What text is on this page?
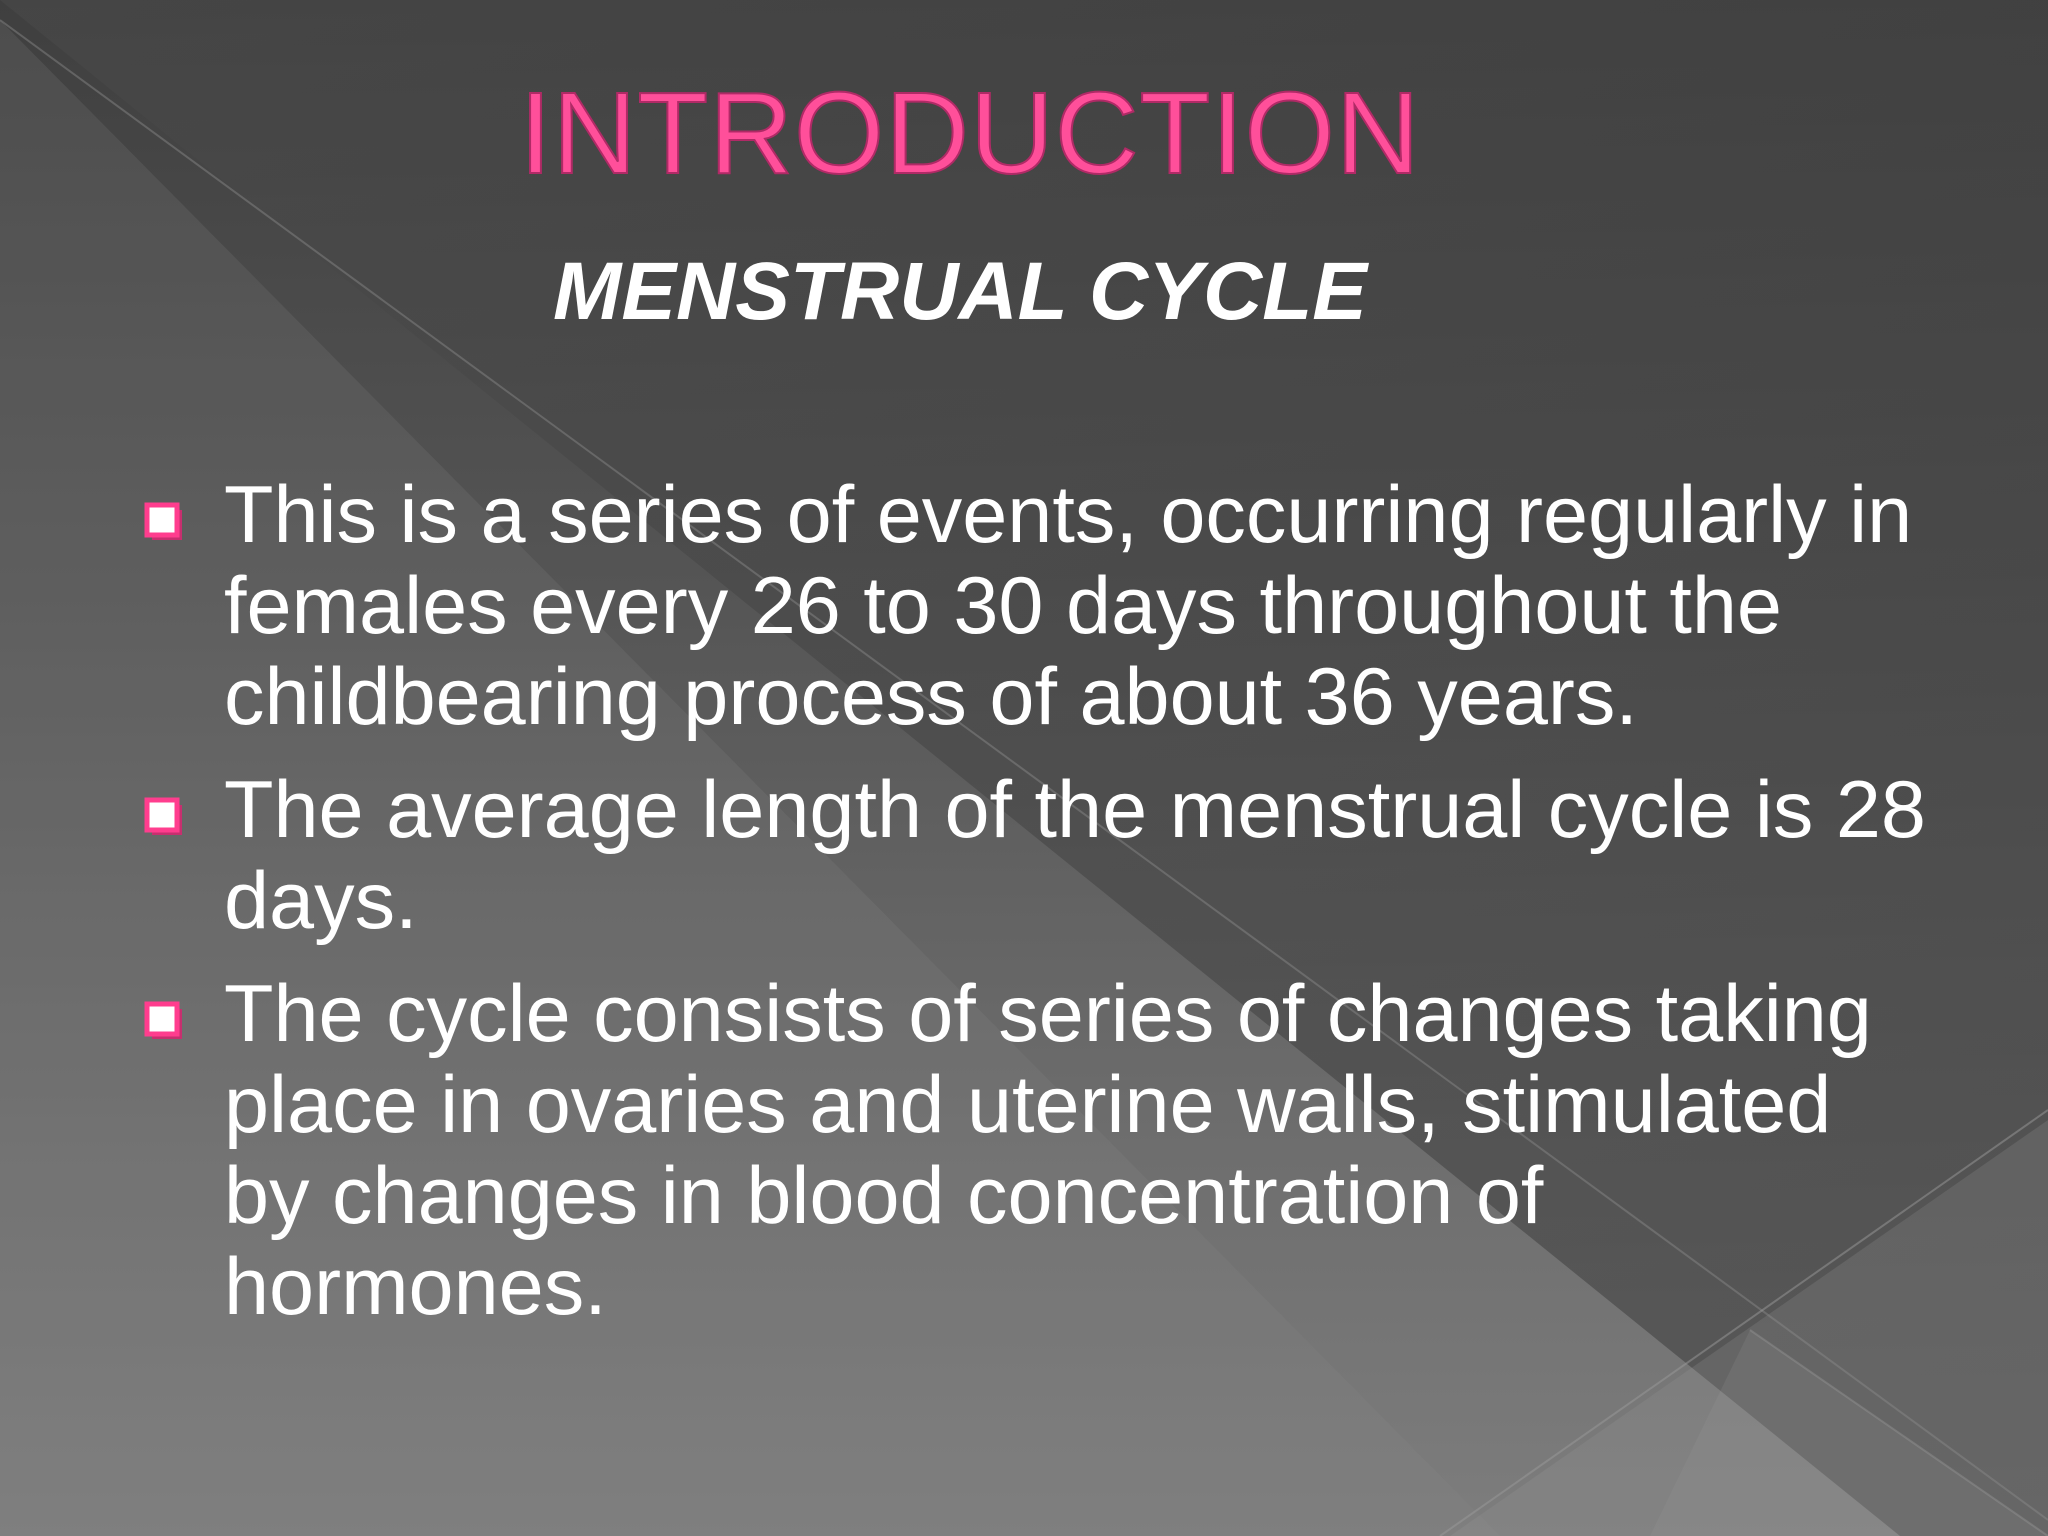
INTRODUCTION
MENSTRUAL CYCLE
This is a series of events, occurring regularly in females every 26 to 30 days throughout the childbearing process of about 36 years.
The average length of the menstrual cycle is 28 days.
The cycle consists of series of changes taking place in ovaries and uterine walls, stimulated by changes in blood concentration of hormones.
